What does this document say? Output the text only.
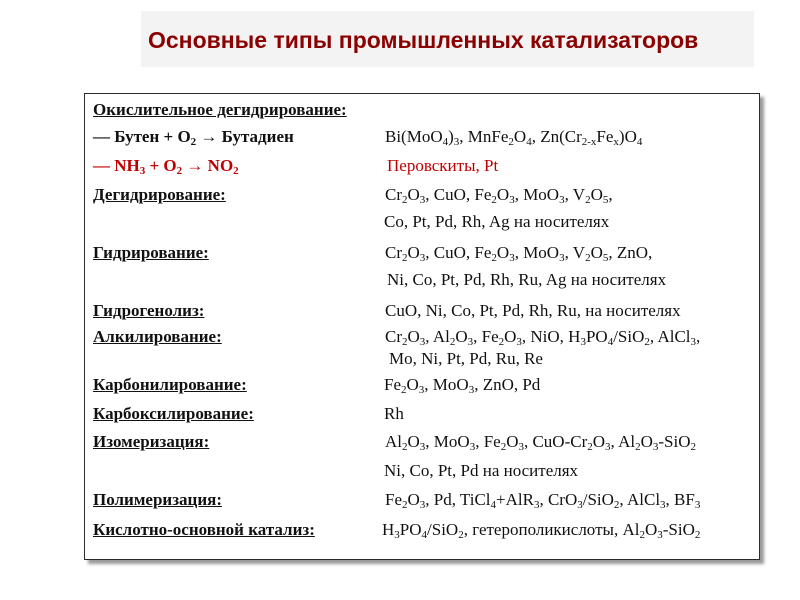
Основные типы промышленных катализаторов
Окислительное дегидрирование:
— Бутен + $O_2$ → Бутадиен	$Bi(MoO_4)_3$, $MnFe_2O_4$, $Zn(Cr_{2-x}Fe_x)O_4$
— $NH_3 + O_2 \to NO_2$	Перовскиты, Pt
Дегидрирование:	$Cr_2O_3$, CuO, $Fe_2O_3$, MoO$_3$, $V_2O_5$,
Co, Pt, Pd, Rh, Ag на носителях
Гидрирование:	$Cr_2O_3$, CuO, $Fe_2O_3$, MoO$_3$, $V_2O_5$, ZnO,
Ni, Co, Pt, Pd, Rh, Ru, Ag на носителях
Гидрогенолиз:	CuO, Ni, Co, Pt, Pd, Rh, Ru, на носителях
Алкилирование:	$Cr_2O_3$, $Al_2O_3$, $Fe_2O_3$, NiO, $H_3PO_4/SiO_2$, AlCl$_3$,
Mo, Ni, Pt, Pd, Ru, Re
Карбонилирование:	$Fe_2O_3$, MoO$_3$, ZnO, Pd
Карбоксилирование:	Rh
Изомеризация:	$Al_2O_3$, MoO$_3$, $Fe_2O_3$, CuO-$Cr_2O_3$, $Al_2O_3-SiO_2$
Ni, Co, Pt, Pd на носителях
Полимеризация:	$Fe_2O_3$, Pd, TiCl$_4$+AlR$_3$, CrO$_3$/SiO$_2$, AlCl$_3$, $BF_3$
Кислотно-основной катализ:	$H_3PO_4/SiO_2$, гетерополикислоты, $Al_2O_3-SiO_2$
